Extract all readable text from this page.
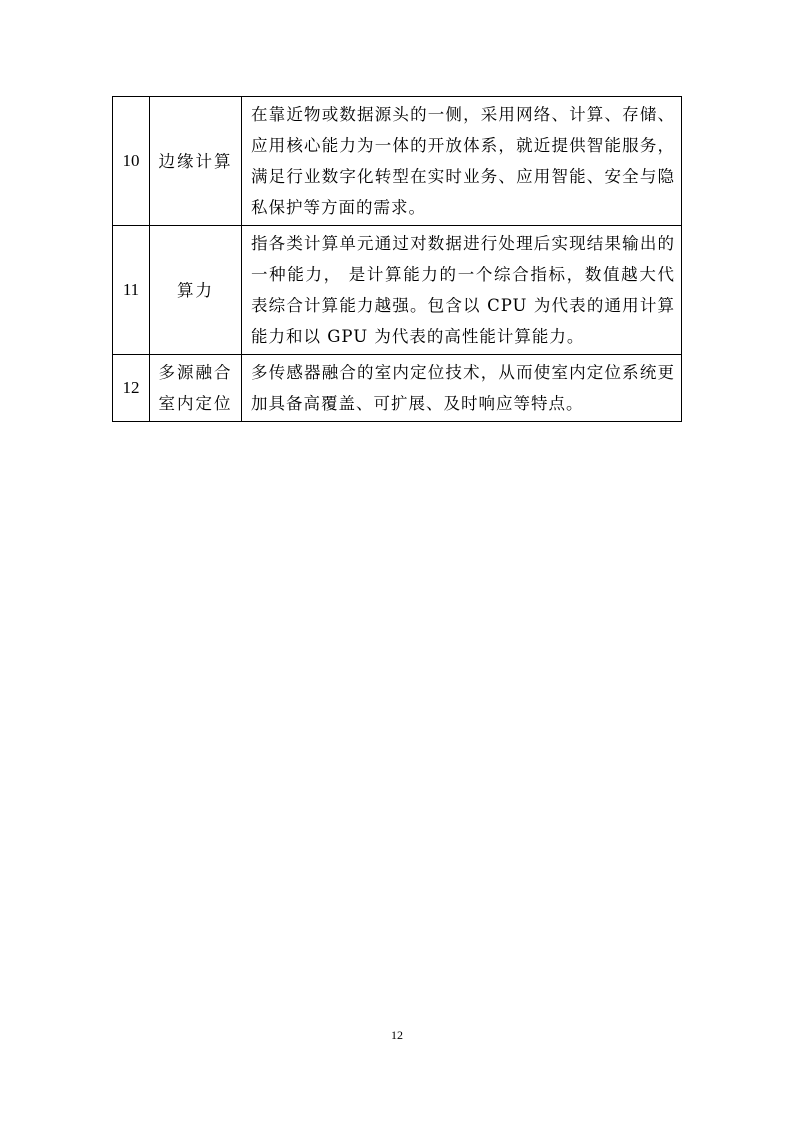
10	边缘计算	在靠近物或数据源头的一侧，采用网络、计算、存储、应用核心能力为一体的开放体系，就近提供智能服务，满足行业数字化转型在实时业务、应用智能、安全与隐私保护等方面的需求。
11	算力	指各类计算单元通过对数据进行处理后实现结果输出的一种能力， 是计算能力的一个综合指标，数值越大代表综合计算能力越强。包含以 CPU 为代表的通用计算能力和以 GPU 为代表的高性能计算能力。
12	多源融合室内定位	多传感器融合的室内定位技术，从而使室内定位系统更加具备高覆盖、可扩展、及时响应等特点。
12
